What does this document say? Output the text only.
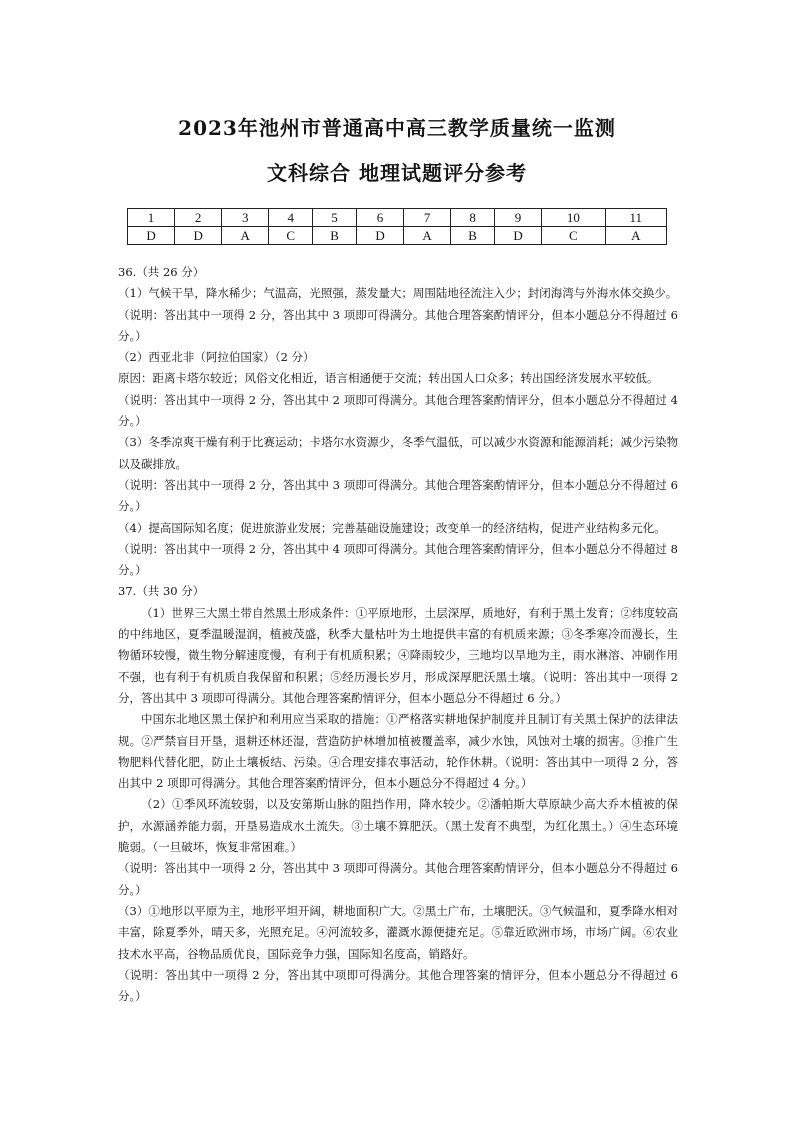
2023年池州市普通高中高三教学质量统一监测
文科综合 地理试题评分参考
1	2	3	4	5	6	7	8	9	10	11
D	D	A	C	B	D	A	B	D	C	A

36.（共 26 分）

（1）气候干旱，降水稀少；气温高，光照强，蒸发量大；周围陆地径流注入少；封闭海湾与外海水体交换少。

（说明：答出其中一项得 2 分，答出其中 3 项即可得满分。其他合理答案酌情评分，但本小题总分不得超过 6 分。）

（2）西亚北非（阿拉伯国家）（2 分）

原因：距离卡塔尔较近；风俗文化相近，语言相通便于交流；转出国人口众多；转出国经济发展水平较低。

（说明：答出其中一项得 2 分，答出其中 2 项即可得满分。其他合理答案酌情评分，但本小题总分不得超过 4 分。）

（3）冬季凉爽干燥有利于比赛运动；卡塔尔水资源少，冬季气温低，可以减少水资源和能源消耗；减少污染物以及碳排放。

（说明：答出其中一项得 2 分，答出其中 3 项即可得满分。其他合理答案酌情评分，但本小题总分不得超过 6 分。）

（4）提高国际知名度；促进旅游业发展；完善基础设施建设；改变单一的经济结构，促进产业结构多元化。

（说明：答出其中一项得 2 分，答出其中 4 项即可得满分。其他合理答案酌情评分，但本小题总分不得超过 8 分。）

37.（共 30 分）

（1）世界三大黑土带自然黑土形成条件：①平原地形，土层深厚，质地好，有利于黑土发育；②纬度较高的中纬地区，夏季温暖湿润，植被茂盛，秋季大量枯叶为土地提供丰富的有机质来源；③冬季寒冷而漫长，生物循环较慢，微生物分解速度慢，有利于有机质积累；④降雨较少，三地均以旱地为主，雨水淋溶、冲刷作用不强，也有利于有机质自我保留和积累；⑤经历漫长岁月，形成深厚肥沃黑土壤。（说明：答出其中一项得 2 分，答出其中 3 项即可得满分。其他合理答案酌情评分，但本小题总分不得超过 6 分。）

中国东北地区黑土保护和利用应当采取的措施：①严格落实耕地保护制度并且制订有关黑土保护的法律法规。②严禁盲目开垦，退耕还林还湿，营造防护林增加植被覆盖率，减少水蚀，风蚀对土壤的损害。③推广生物肥料代替化肥，防止土壤板结、污染。④合理安排农事活动，轮作休耕。（说明：答出其中一项得 2 分，答出其中 2 项即可得满分。其他合理答案酌情评分，但本小题总分不得超过 4 分。）

（2）①季风环流较弱，以及安第斯山脉的阻挡作用，降水较少。②潘帕斯大草原缺少高大乔木植被的保护，水源涵养能力弱，开垦易造成水土流失。③土壤不算肥沃。（黑土发育不典型，为红化黑土。）④生态环境脆弱。（一旦破坏，恢复非常困难。）

（说明：答出其中一项得 2 分，答出其中 3 项即可得满分。其他合理答案酌情评分，但本小题总分不得超过 6 分。）

（3）①地形以平原为主，地形平坦开阔，耕地面积广大。②黑土广布，土壤肥沃。③气候温和，夏季降水相对丰富，除夏季外，晴天多，光照充足。④河流较多，灌溉水源便捷充足。⑤靠近欧洲市场，市场广阔。⑥农业技术水平高，谷物品质优良，国际竞争力强，国际知名度高，销路好。

（说明：答出其中一项得 2 分，答出其中项即可得满分。其他合理答案的情评分，但本小题总分不得超过 6 分。）
